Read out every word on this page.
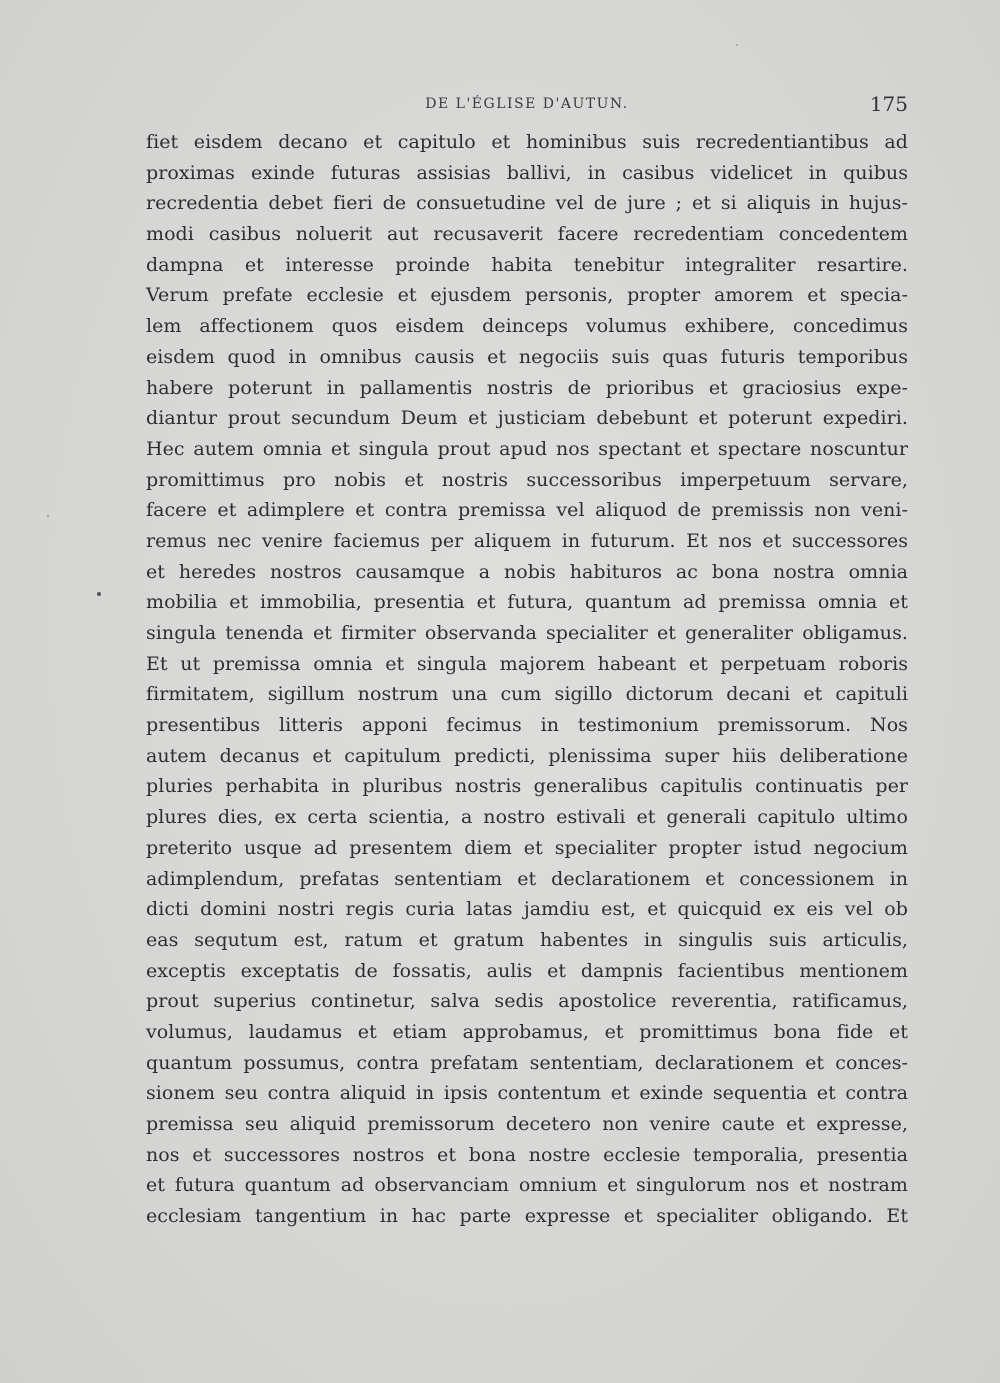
DE L'ÉGLISE D'AUTUN.	175
fiet eisdem decano et capitulo et hominibus suis recredentiantibus ad
proximas exinde futuras assisias ballivi, in casibus videlicet in quibus
recredentia debet fieri de consuetudine vel de jure ; et si aliquis in hujus-
modi casibus noluerit aut recusaverit facere recredentiam concedentem
dampna et interesse proinde habita tenebitur integraliter resartire.
Verum prefate ecclesie et ejusdem personis, propter amorem et specia-
lem affectionem quos eisdem deinceps volumus exhibere, concedimus
eisdem quod in omnibus causis et negociis suis quas futuris temporibus
habere poterunt in pallamentis nostris de prioribus et graciosius expe-
diantur prout secundum Deum et justiciam debebunt et poterunt expediri.
Hec autem omnia et singula prout apud nos spectant et spectare noscuntur
promittimus pro nobis et nostris successoribus imperpetuum servare,
facere et adimplere et contra premissa vel aliquod de premissis non veni-
remus nec venire faciemus per aliquem in futurum. Et nos et successores
et heredes nostros causamque a nobis habituros ac bona nostra omnia
mobilia et immobilia, presentia et futura, quantum ad premissa omnia et
singula tenenda et firmiter observanda specialiter et generaliter obligamus.
Et ut premissa omnia et singula majorem habeant et perpetuam roboris
firmitatem, sigillum nostrum una cum sigillo dictorum decani et capituli
presentibus litteris apponi fecimus in testimonium premissorum. Nos
autem decanus et capitulum predicti, plenissima super hiis deliberatione
pluries perhabita in pluribus nostris generalibus capitulis continuatis per
plures dies, ex certa scientia, a nostro estivali et generali capitulo ultimo
preterito usque ad presentem diem et specialiter propter istud negocium
adimplendum, prefatas sententiam et declarationem et concessionem in
dicti domini nostri regis curia latas jamdiu est, et quicquid ex eis vel ob
eas sequtum est, ratum et gratum habentes in singulis suis articulis,
exceptis exceptatis de fossatis, aulis et dampnis facientibus mentionem
prout superius continetur, salva sedis apostolice reverentia, ratificamus,
volumus, laudamus et etiam approbamus, et promittimus bona fide et
quantum possumus, contra prefatam sententiam, declarationem et conces-
sionem seu contra aliquid in ipsis contentum et exinde sequentia et contra
premissa seu aliquid premissorum decetero non venire caute et expresse,
nos et successores nostros et bona nostre ecclesie temporalia, presentia
et futura quantum ad observanciam omnium et singulorum nos et nostram
ecclesiam tangentium in hac parte expresse et specialiter obligando. Et
